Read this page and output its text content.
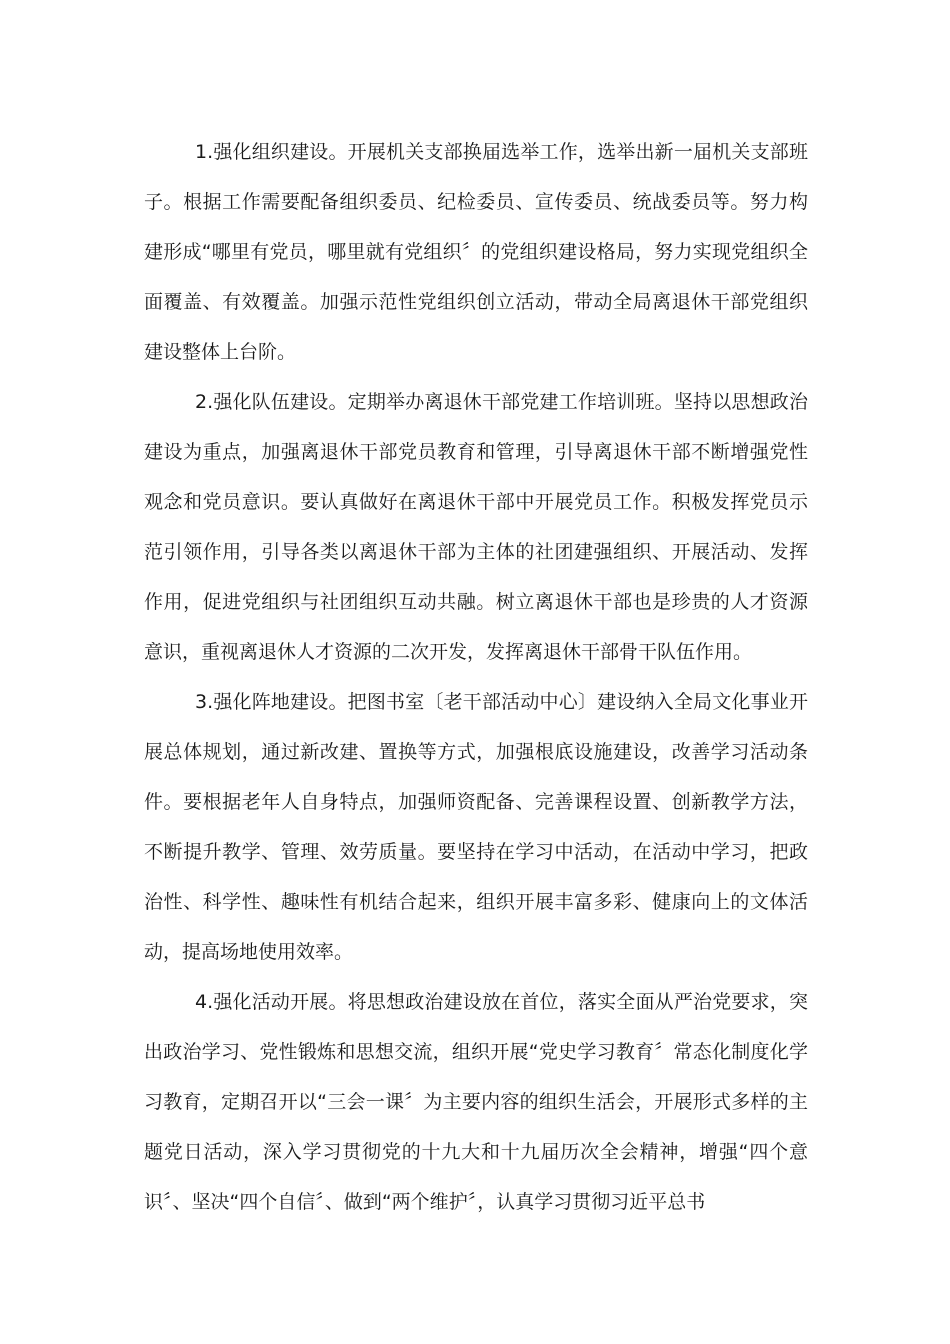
1.强化组织建设。开展机关支部换届选举工作，选举出新一届机关支部班子。根据工作需要配备组织委员、纪检委员、宣传委员、统战委员等。努力构建形成“哪里有党员，哪里就有党组织〞的党组织建设格局，努力实现党组织全面覆盖、有效覆盖。加强示范性党组织创立活动，带动全局离退休干部党组织建设整体上台阶。

2.强化队伍建设。定期举办离退休干部党建工作培训班。坚持以思想政治建设为重点，加强离退休干部党员教育和管理，引导离退休干部不断增强党性观念和党员意识。要认真做好在离退休干部中开展党员工作。积极发挥党员示范引领作用，引导各类以离退休干部为主体的社团建强组织、开展活动、发挥作用，促进党组织与社团组织互动共融。树立离退休干部也是珍贵的人才资源意识，重视离退休人才资源的二次开发，发挥离退休干部骨干队伍作用。

3.强化阵地建设。把图书室〔老干部活动中心〕建设纳入全局文化事业开展总体规划，通过新改建、置换等方式，加强根底设施建设，改善学习活动条件。要根据老年人自身特点，加强师资配备、完善课程设置、创新教学方法，不断提升教学、管理、效劳质量。要坚持在学习中活动，在活动中学习，把政治性、科学性、趣味性有机结合起来，组织开展丰富多彩、健康向上的文体活动，提高场地使用效率。

4.强化活动开展。将思想政治建设放在首位，落实全面从严治党要求，突出政治学习、党性锻炼和思想交流，组织开展“党史学习教育〞常态化制度化学习教育，定期召开以“三会一课〞为主要内容的组织生活会，开展形式多样的主题党日活动，深入学习贯彻党的十九大和十九届历次全会精神，增强“四个意识〞、坚决“四个自信〞、做到“两个维护〞，认真学习贯彻习近平总书
